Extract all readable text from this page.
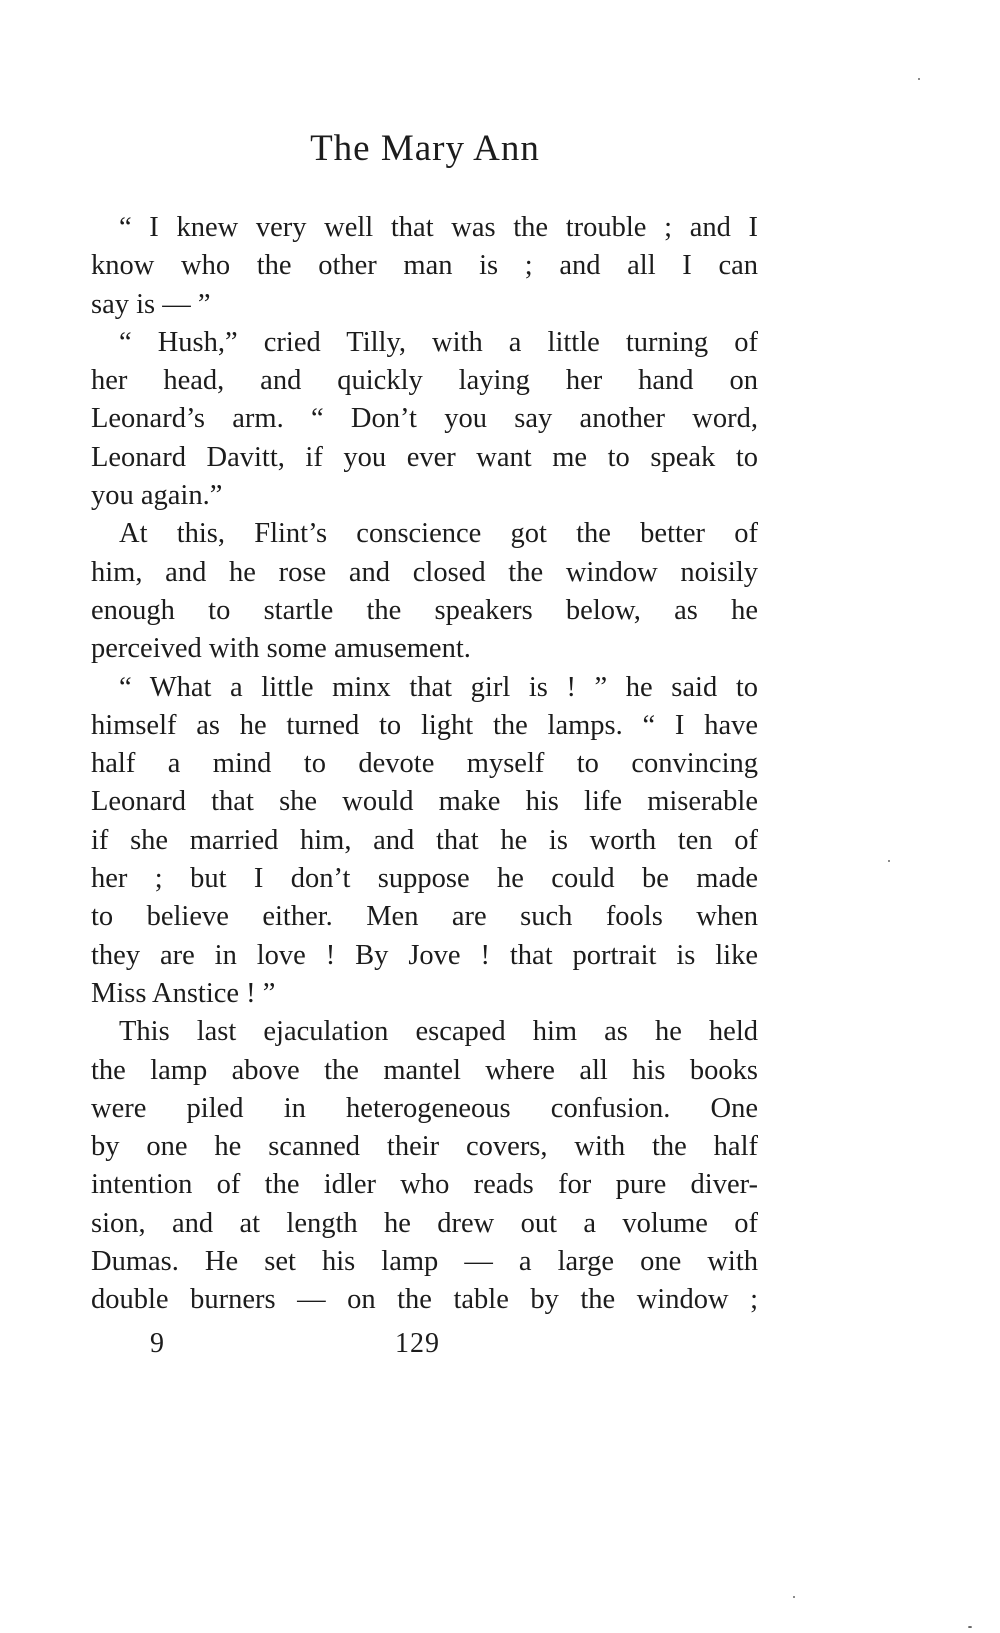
The Mary Ann
“ I knew very well that was the trouble ; and I
know who the other man is ; and all I can
say is — ”
“ Hush,” cried Tilly, with a little turning of
her head, and quickly laying her hand on
Leonard’s arm. “ Don’t you say another word,
Leonard Davitt, if you ever want me to speak to
you again.”
At this, Flint’s conscience got the better of
him, and he rose and closed the window noisily
enough to startle the speakers below, as he
perceived with some amusement.
“ What a little minx that girl is ! ” he said to
himself as he turned to light the lamps. “ I have
half a mind to devote myself to convincing
Leonard that she would make his life miserable
if she married him, and that he is worth ten of
her ; but I don’t suppose he could be made
to believe either. Men are such fools when
they are in love ! By Jove ! that portrait is like
Miss Anstice ! ”
This last ejaculation escaped him as he held
the lamp above the mantel where all his books
were piled in heterogeneous confusion. One
by one he scanned their covers, with the half
intention of the idler who reads for pure diver-
sion, and at length he drew out a volume of
Dumas. He set his lamp — a large one with
double burners — on the table by the window ;
9	129
